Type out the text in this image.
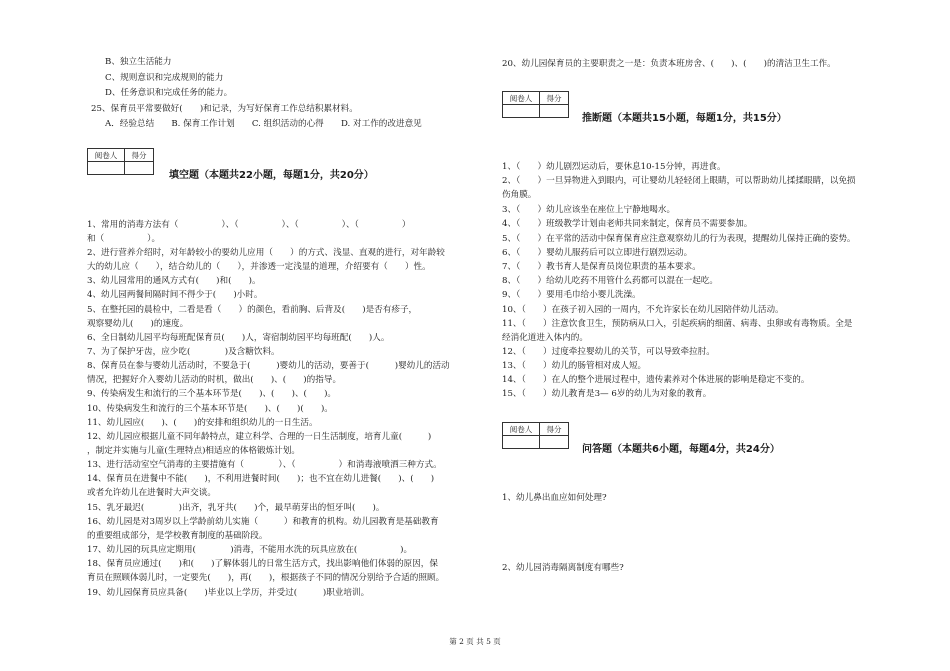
B、独立生活能力
C、规则意识和完成规则的能力
D、任务意识和完成任务的能力。
25、保育员平常要做好(　　)和记录，为写好保育工作总结积累材料。
A．经验总结　　B. 保育工作计划　　C. 组织活动的心得　　D. 对工作的改进意见
阅卷人	得分

填空题（本题共22小题，每题1分，共20分）
1、常用的消毒方法有（　　　　　）、（　　　　　）、（　　　　　）、（　　　　　）
和（　　　　　）。
2、进行营养介绍时，对年龄较小的要幼儿应用（　　）的方式、浅显、直观的进行，对年龄较
大的幼儿应（　　），结合幼儿的（　　），并渗透一定浅显的道理，介绍要有（　　）性。
3、幼儿园常用的通风方式有(　　)和(　　)。
4、幼儿园两餐间隔时间不得少于(　　)小时。
5、在整托园的晨检中，二看是看（　　）的颜色，看前胸、后背及(　　)是否有疹子，
观察婴幼儿(　　)的速度。
6、全日制幼儿园平均每班配保育员(　　)人，寄宿制幼园平均每班配(　　)人。
7、为了保护牙齿，应少吃(　　　　)及含糖饮料。
8、保育员在参与婴幼儿活动时，不要急于(　　　)婴幼儿的活动，要善于(　　　)婴幼儿的活动
情况，把握好介入婴幼儿活动的时机，做出(　　)、(　　)的指导。
9、传染病发生和流行的三个基本环节是(　　)、(　　)、(　　)。
10、传染病发生和流行的三个基本环节是(　　)、(　　)(　　)。
11、幼儿园应(　　)、(　　)的安排和组织幼儿的一日生活。
12、幼儿园应根据儿童不同年龄特点，建立科学、合理的一日生活制度，培育儿童(　　　)
，制定并实施与儿童(生理特点)相适应的体格锻炼计划。
13、进行活动室空气消毒的主要措施有（　　　　）、（　　　　　）和消毒液喷洒三种方式。
14、保育员在进餐中不能(　　)，不利用进餐时间(　　)；也不宜在幼儿进餐(　　)、(　　)
或者允许幼儿在进餐时大声交谈。
15、乳牙最迟(　　　　)出齐，乳牙共(　　)个，最早萌芽出的恒牙叫(　　)。
16、幼儿园是对3周岁以上学龄前幼儿实施（　　　）和教育的机构。幼儿园教育是基础教育
的重要组成部分，是学校教育制度的基础阶段。
17、幼儿园的玩具应定期用(　　　　)消毒，不能用水洗的玩具应放在(　　　　　)。
18、保育员应通过(　　)和(　　)了解体弱儿的日常生活方式，找出影响他们体弱的原因，保
育员在照顾体弱儿时，一定要先(　　)，再(　　)，根据孩子不同的情况分别给予合适的照顾。
19、幼儿园保育员应具备(　　)毕业以上学历，并受过(　　　)职业培训。
20、幼儿园保育员的主要职责之一是：负责本班房舍、(　　)、(　　)的清洁卫生工作。
阅卷人	得分

推断题（本题共15小题，每题1分，共15分）
1、（　　）幼儿剧烈运动后，要休息10-15分钟，再进食。
2、（　　）一旦异物进入到眼内，可让婴幼儿轻轻闭上眼睛，可以帮助幼儿揉揉眼睛，以免损
伤角膜。
3、（　　）幼儿应该坐在座位上宁静地喝水。
4、（　　）班级教学计划由老师共同来制定，保育员不需要参加。
5、（　　）在平常的活动中保育保育应注意观察幼儿的行为表现，提醒幼儿保持正确的姿势。
6、（　　）婴幼儿服药后可以立即进行剧烈运动。
7、（　　）教书育人是保育员岗位职责的基本要求。
8、（　　）给幼儿吃药不用管什么药都可以混在一起吃。
9、（　　）要用毛巾给小婴儿洗澡。
10、（　　）在孩子初入园的一周内，不允许家长在幼儿园陪伴幼儿活动。
11、（　　）注意饮食卫生，预防病从口入，引起疾病的细菌、病毒、虫卵或有毒物质。全是
经消化道进入体内的。
12、（　　）过度牵拉婴幼儿的关节，可以导致牵拉肘。
13、（　　）幼儿的肠管相对成人短。
14、（　　）在人的整个进展过程中，遗传素养对个体进展的影响是稳定不变的。
15、（　　）幼儿教育是3— 6岁的幼儿为对象的教育。
阅卷人	得分

问答题（本题共6小题，每题4分，共24分）
1、幼儿鼻出血应如何处理?
2、幼儿园消毒隔离制度有哪些?
第 2 页 共 5 页
